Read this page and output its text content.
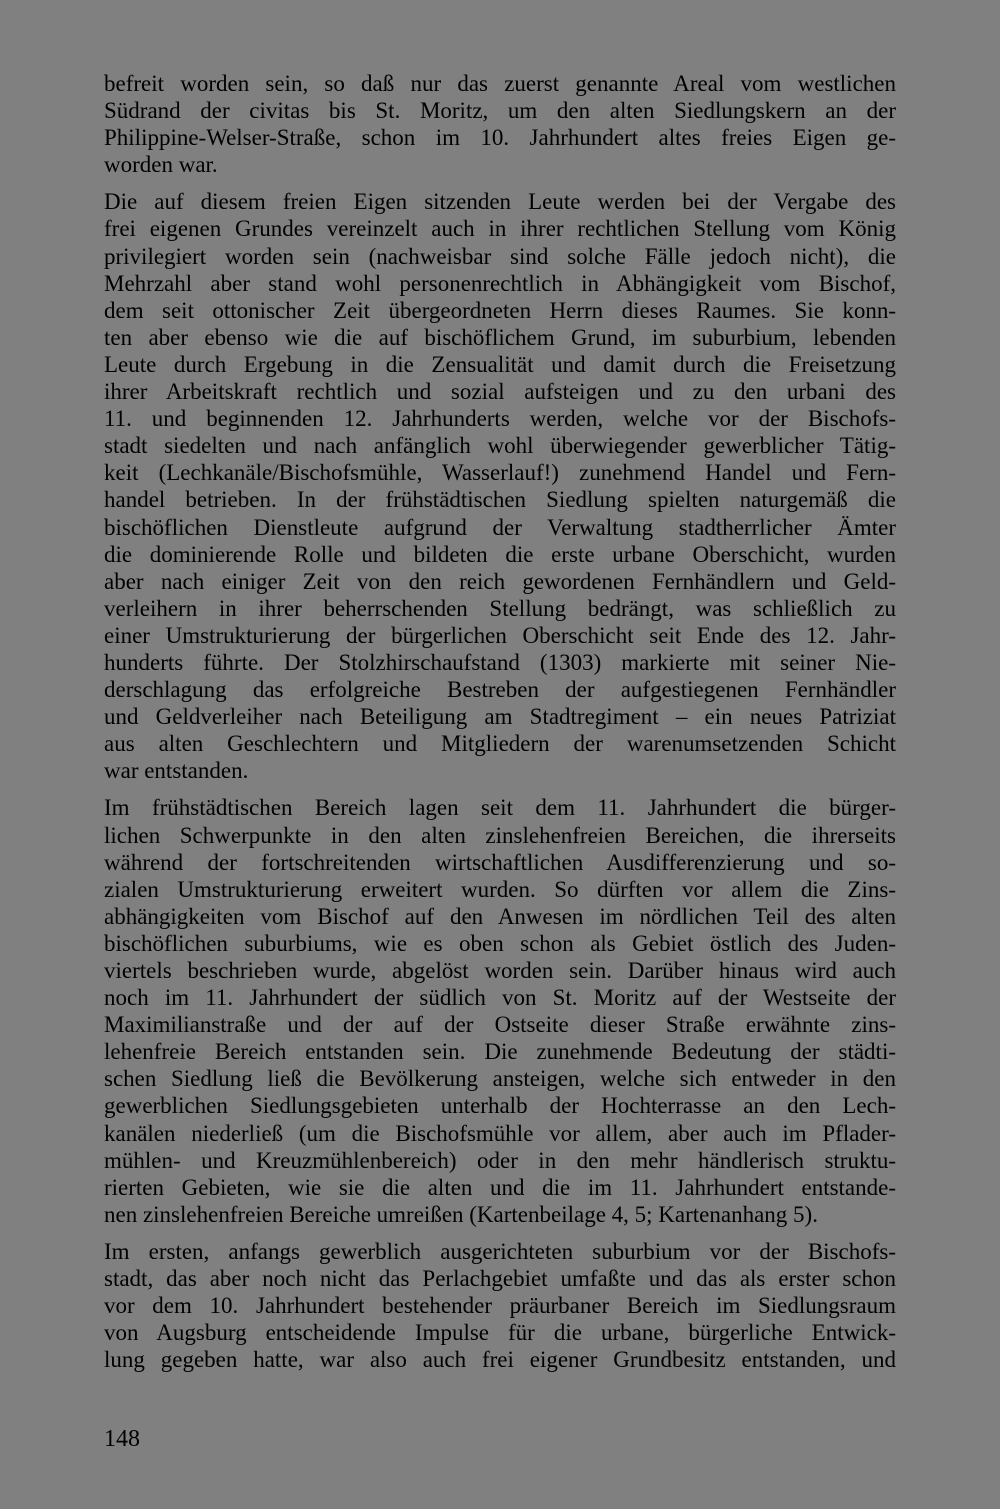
befreit worden sein, so daß nur das zuerst genannte Areal vom westlichen
Südrand der civitas bis St. Moritz, um den alten Siedlungskern an der
Philippine-Welser-Straße, schon im 10. Jahrhundert altes freies Eigen ge-
worden war.
Die auf diesem freien Eigen sitzenden Leute werden bei der Vergabe des
frei eigenen Grundes vereinzelt auch in ihrer rechtlichen Stellung vom König
privilegiert worden sein (nachweisbar sind solche Fälle jedoch nicht), die
Mehrzahl aber stand wohl personenrechtlich in Abhängigkeit vom Bischof,
dem seit ottonischer Zeit übergeordneten Herrn dieses Raumes. Sie konn-
ten aber ebenso wie die auf bischöflichem Grund, im suburbium, lebenden
Leute durch Ergebung in die Zensualität und damit durch die Freisetzung
ihrer Arbeitskraft rechtlich und sozial aufsteigen und zu den urbani des
11. und beginnenden 12. Jahrhunderts werden, welche vor der Bischofs-
stadt siedelten und nach anfänglich wohl überwiegender gewerblicher Tätig-
keit (Lechkanäle/Bischofsmühle, Wasserlauf!) zunehmend Handel und Fern-
handel betrieben. In der frühstädtischen Siedlung spielten naturgemäß die
bischöflichen Dienstleute aufgrund der Verwaltung stadtherrlicher Ämter
die dominierende Rolle und bildeten die erste urbane Oberschicht, wurden
aber nach einiger Zeit von den reich gewordenen Fernhändlern und Geld-
verleihern in ihrer beherrschenden Stellung bedrängt, was schließlich zu
einer Umstrukturierung der bürgerlichen Oberschicht seit Ende des 12. Jahr-
hunderts führte. Der Stolzhirschaufstand (1303) markierte mit seiner Nie-
derschlagung das erfolgreiche Bestreben der aufgestiegenen Fernhändler
und Geldverleiher nach Beteiligung am Stadtregiment – ein neues Patriziat
aus alten Geschlechtern und Mitgliedern der warenumsetzenden Schicht
war entstanden.
Im frühstädtischen Bereich lagen seit dem 11. Jahrhundert die bürger-
lichen Schwerpunkte in den alten zinslehenfreien Bereichen, die ihrerseits
während der fortschreitenden wirtschaftlichen Ausdifferenzierung und so-
zialen Umstrukturierung erweitert wurden. So dürften vor allem die Zins-
abhängigkeiten vom Bischof auf den Anwesen im nördlichen Teil des alten
bischöflichen suburbiums, wie es oben schon als Gebiet östlich des Juden-
viertels beschrieben wurde, abgelöst worden sein. Darüber hinaus wird auch
noch im 11. Jahrhundert der südlich von St. Moritz auf der Westseite der
Maximilianstraße und der auf der Ostseite dieser Straße erwähnte zins-
lehenfreie Bereich entstanden sein. Die zunehmende Bedeutung der städti-
schen Siedlung ließ die Bevölkerung ansteigen, welche sich entweder in den
gewerblichen Siedlungsgebieten unterhalb der Hochterrasse an den Lech-
kanälen niederließ (um die Bischofsmühle vor allem, aber auch im Pflader-
mühlen- und Kreuzmühlenbereich) oder in den mehr händlerisch struktu-
rierten Gebieten, wie sie die alten und die im 11. Jahrhundert entstande-
nen zinslehenfreien Bereiche umreißen (Kartenbeilage 4, 5; Kartenanhang 5).
Im ersten, anfangs gewerblich ausgerichteten suburbium vor der Bischofs-
stadt, das aber noch nicht das Perlachgebiet umfaßte und das als erster schon
vor dem 10. Jahrhundert bestehender präurbaner Bereich im Siedlungsraum
von Augsburg entscheidende Impulse für die urbane, bürgerliche Entwick-
lung gegeben hatte, war also auch frei eigener Grundbesitz entstanden, und
148
